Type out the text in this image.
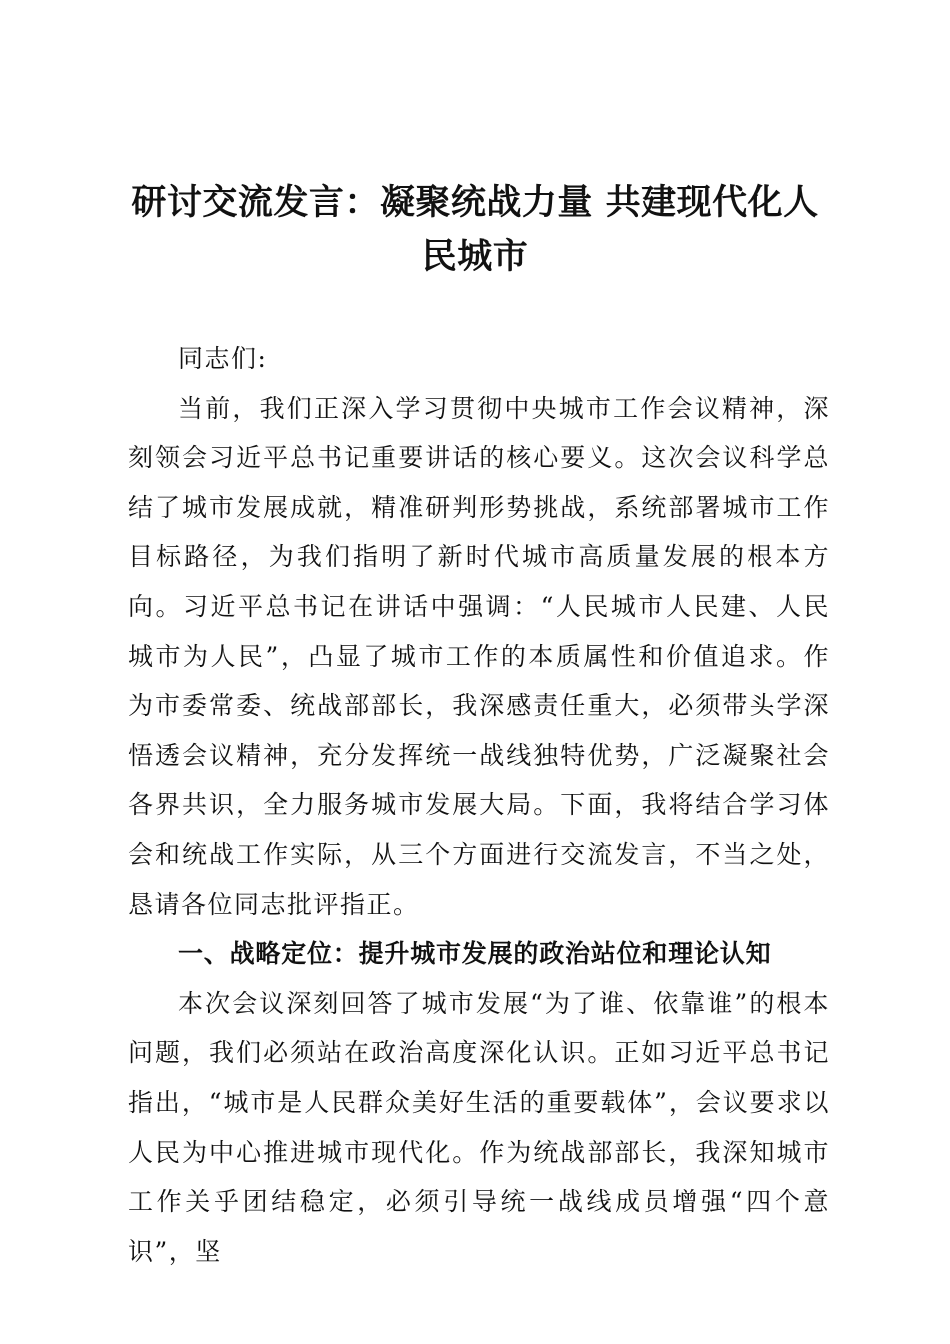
研讨交流发言：凝聚统战力量 共建现代化人民城市

同志们:

当前，我们正深入学习贯彻中央城市工作会议精神，深刻领会习近平总书记重要讲话的核心要义。这次会议科学总结了城市发展成就，精准研判形势挑战，系统部署城市工作目标路径，为我们指明了新时代城市高质量发展的根本方向。习近平总书记在讲话中强调：“人民城市人民建、人民城市为人民”，凸显了城市工作的本质属性和价值追求。作为市委常委、统战部部长，我深感责任重大，必须带头学深悟透会议精神，充分发挥统一战线独特优势，广泛凝聚社会各界共识，全力服务城市发展大局。下面，我将结合学习体会和统战工作实际，从三个方面进行交流发言，不当之处，恳请各位同志批评指正。

一、战略定位：提升城市发展的政治站位和理论认知

本次会议深刻回答了城市发展“为了谁、依靠谁”的根本问题，我们必须站在政治高度深化认识。正如习近平总书记指出，“城市是人民群众美好生活的重要载体”，会议要求以人民为中心推进城市现代化。作为统战部部长，我深知城市工作关乎团结稳定，必须引导统一战线成员增强“四个意识”，坚
